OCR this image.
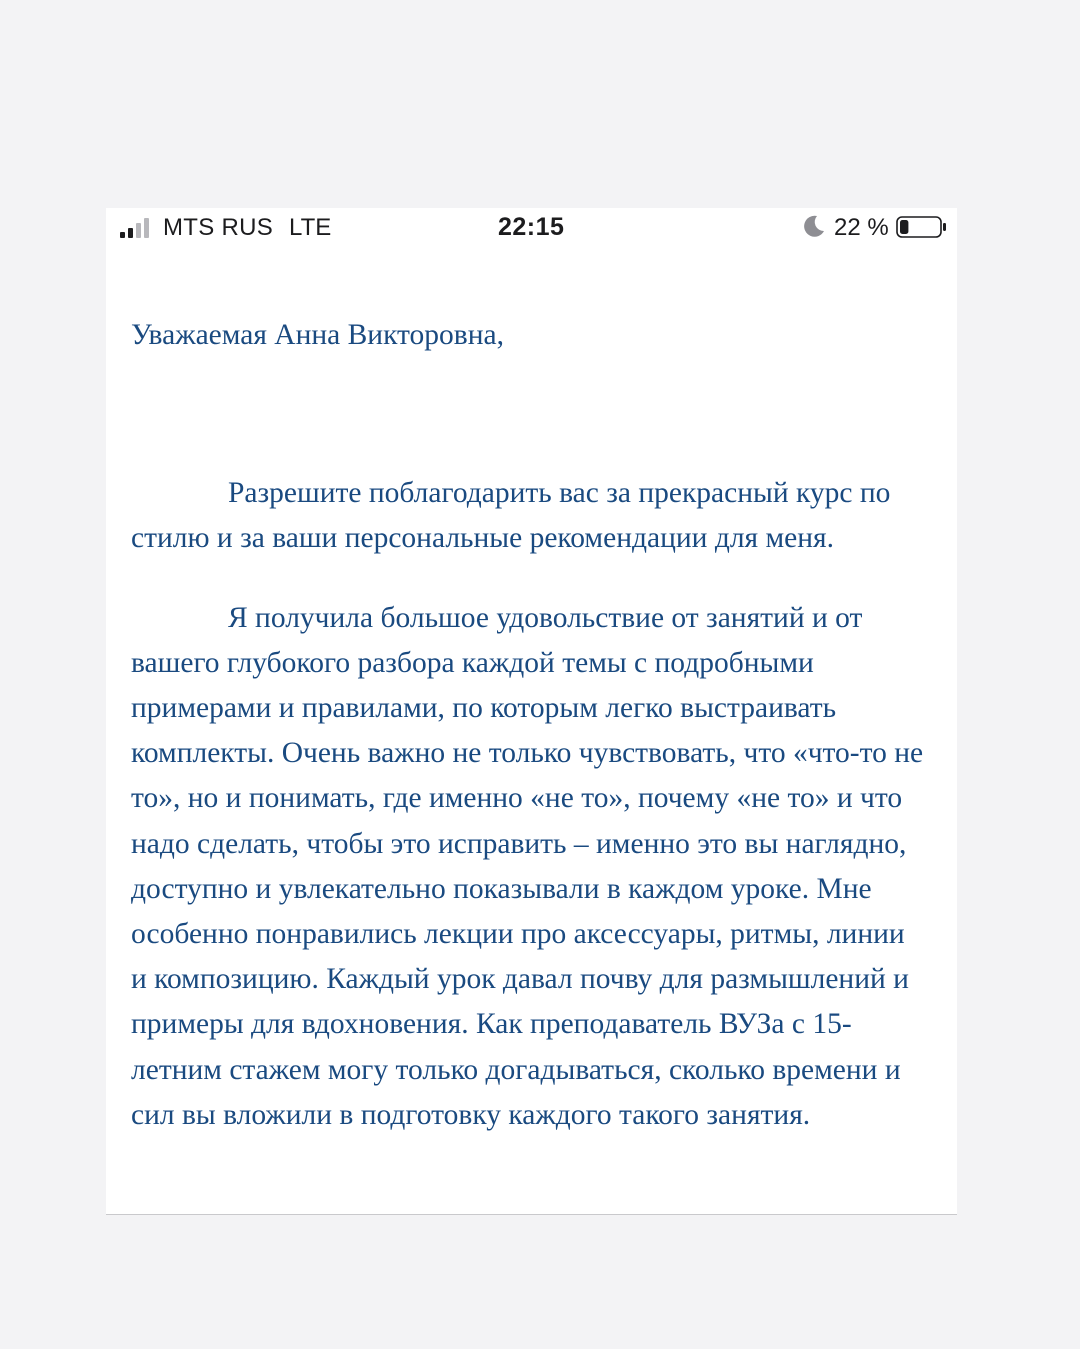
MTS RUS LTE	22:15	22 %

Уважаемая Анна Викторовна,

Разрешите поблагодарить вас за прекрасный курс по стилю и за ваши персональные рекомендации для меня.

Я получила большое удовольствие от занятий и от вашего глубокого разбора каждой темы с подробными примерами и правилами, по которым легко выстраивать комплекты. Очень важно не только чувствовать, что «что-то не то», но и понимать, где именно «не то», почему «не то» и что надо сделать, чтобы это исправить – именно это вы наглядно, доступно и увлекательно показывали в каждом уроке. Мне особенно понравились лекции про аксессуары, ритмы, линии и композицию. Каждый урок давал почву для размышлений и примеры для вдохновения. Как преподаватель ВУЗа с 15-летним стажем могу только догадываться, сколько времени и сил вы вложили в подготовку каждого такого занятия.
